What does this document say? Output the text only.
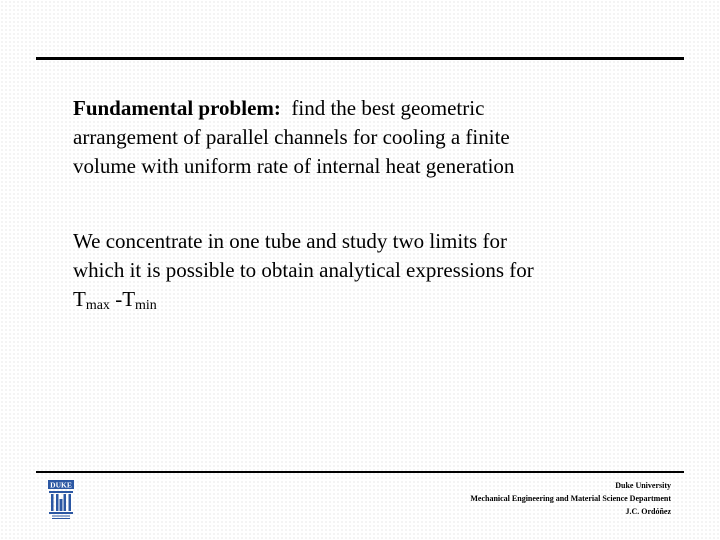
Fundamental problem: find the best geometric
arrangement of parallel channels for cooling a finite
volume with uniform rate of internal heat generation
We concentrate in one tube and study two limits for
which it is possible to obtain analytical expressions for
$T_{max}$ $-T_{min}$
DUKE	Duke University
Mechanical Engineering and Material Science Department
J.C. Ordóñez
